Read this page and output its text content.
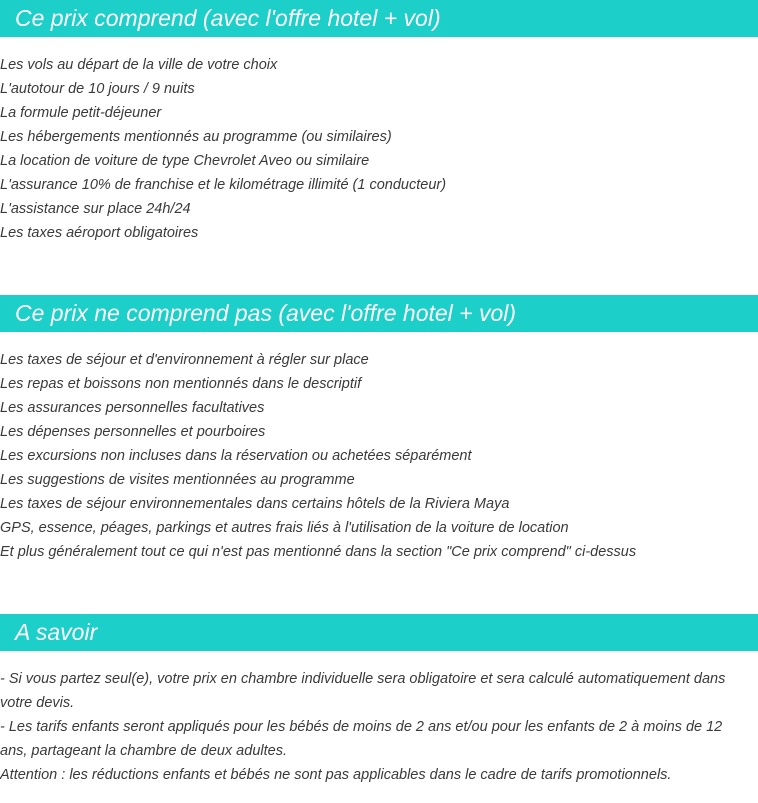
Ce prix comprend (avec l'offre hotel + vol)
Les vols au départ de la ville de votre choix
L'autotour de 10 jours / 9 nuits
La formule petit-déjeuner
Les hébergements mentionnés au programme (ou similaires)
La location de voiture de type Chevrolet Aveo ou similaire
L'assurance 10% de franchise et le kilométrage illimité (1 conducteur)
L'assistance sur place 24h/24
Les taxes aéroport obligatoires
Ce prix ne comprend pas (avec l'offre hotel + vol)
Les taxes de séjour et d'environnement à régler sur place
Les repas et boissons non mentionnés dans le descriptif
Les assurances personnelles facultatives
Les dépenses personnelles et pourboires
Les excursions non incluses dans la réservation ou achetées séparément
Les suggestions de visites mentionnées au programme
Les taxes de séjour environnementales dans certains hôtels de la Riviera Maya
GPS, essence, péages, parkings et autres frais liés à l'utilisation de la voiture de location
Et plus généralement tout ce qui n'est pas mentionné dans la section "Ce prix comprend" ci-dessus
A savoir
- Si vous partez seul(e), votre prix en chambre individuelle sera obligatoire et sera calculé automatiquement dans votre devis.
- Les tarifs enfants seront appliqués pour les bébés de moins de 2 ans et/ou pour les enfants de 2 à moins de 12 ans, partageant la chambre de deux adultes.
Attention : les réductions enfants et bébés ne sont pas applicables dans le cadre de tarifs promotionnels.
